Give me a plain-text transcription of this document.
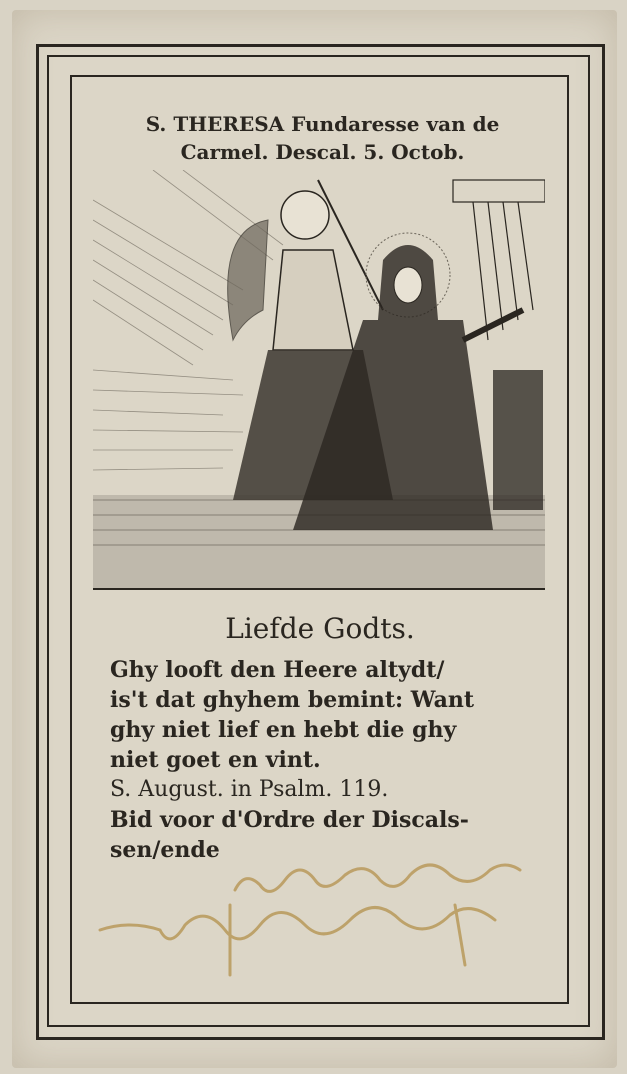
S. THERESA Fundaresse van de
Carmel. Descal. 5. Octob.
Liefde Godts.
Ghy looft den Heere altydt/
is't dat ghyhem bemint: Want
ghy niet lief en hebt die ghy
niet goet en vint.
S. August. in Psalm. 119.
Bid voor d'Ordre der Discals-
sen/ende
